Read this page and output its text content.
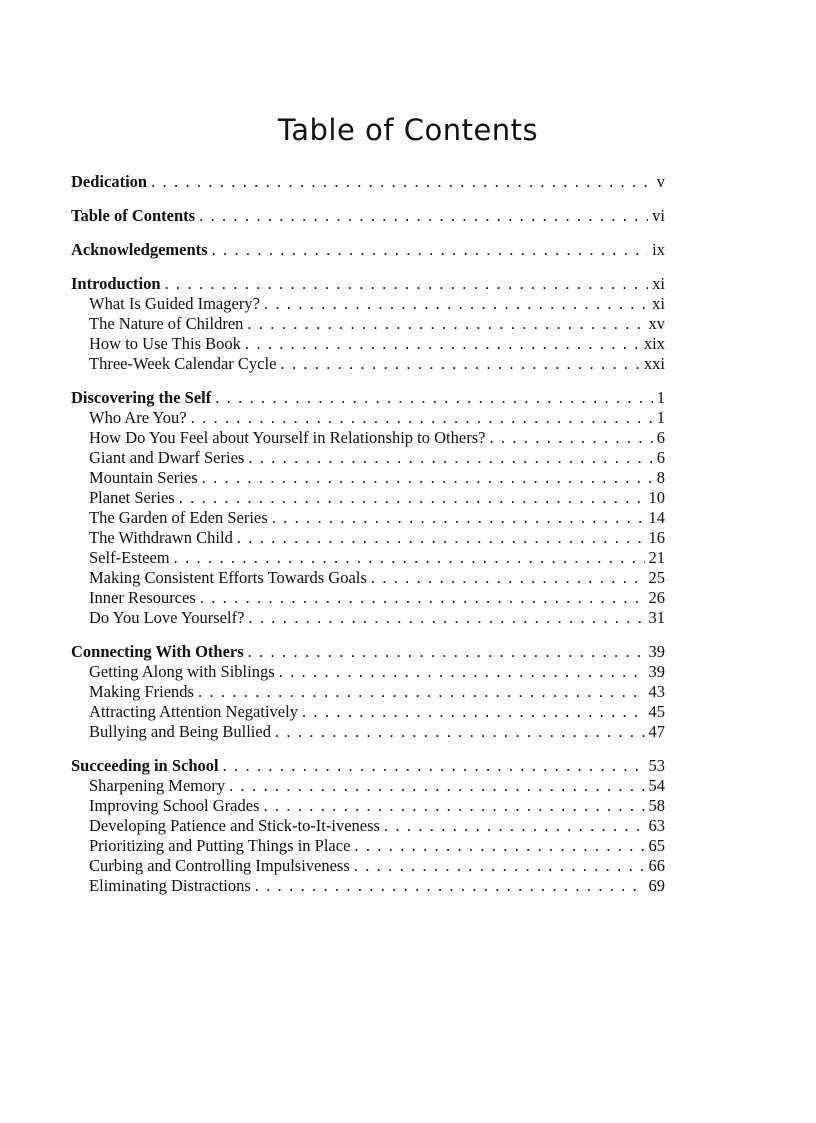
Table of Contents
Dedication . . .	v
Table of Contents . . .	vi
Acknowledgements . . .	ix
Introduction . . .	xi
What Is Guided Imagery? . . .	xi
The Nature of Children . . .	xv
How to Use This Book . . .	xix
Three-Week Calendar Cycle . . .	xxi
Discovering the Self . . .	1
Who Are You? . . .	1
How Do You Feel about Yourself in Relationship to Others? . . .	6
Giant and Dwarf Series . . .	6
Mountain Series . . .	8
Planet Series . . .	10
The Garden of Eden Series . . .	14
The Withdrawn Child . . .	16
Self-Esteem . . .	21
Making Consistent Efforts Towards Goals . . .	25
Inner Resources . . .	26
Do You Love Yourself? . . .	31
Connecting With Others . . .	39
Getting Along with Siblings . . .	39
Making Friends . . .	43
Attracting Attention Negatively . . .	45
Bullying and Being Bullied . . .	47
Succeeding in School . . .	53
Sharpening Memory . . .	54
Improving School Grades . . .	58
Developing Patience and Stick-to-It-iveness . . .	63
Prioritizing and Putting Things in Place . . .	65
Curbing and Controlling Impulsiveness . . .	66
Eliminating Distractions . . .	69
